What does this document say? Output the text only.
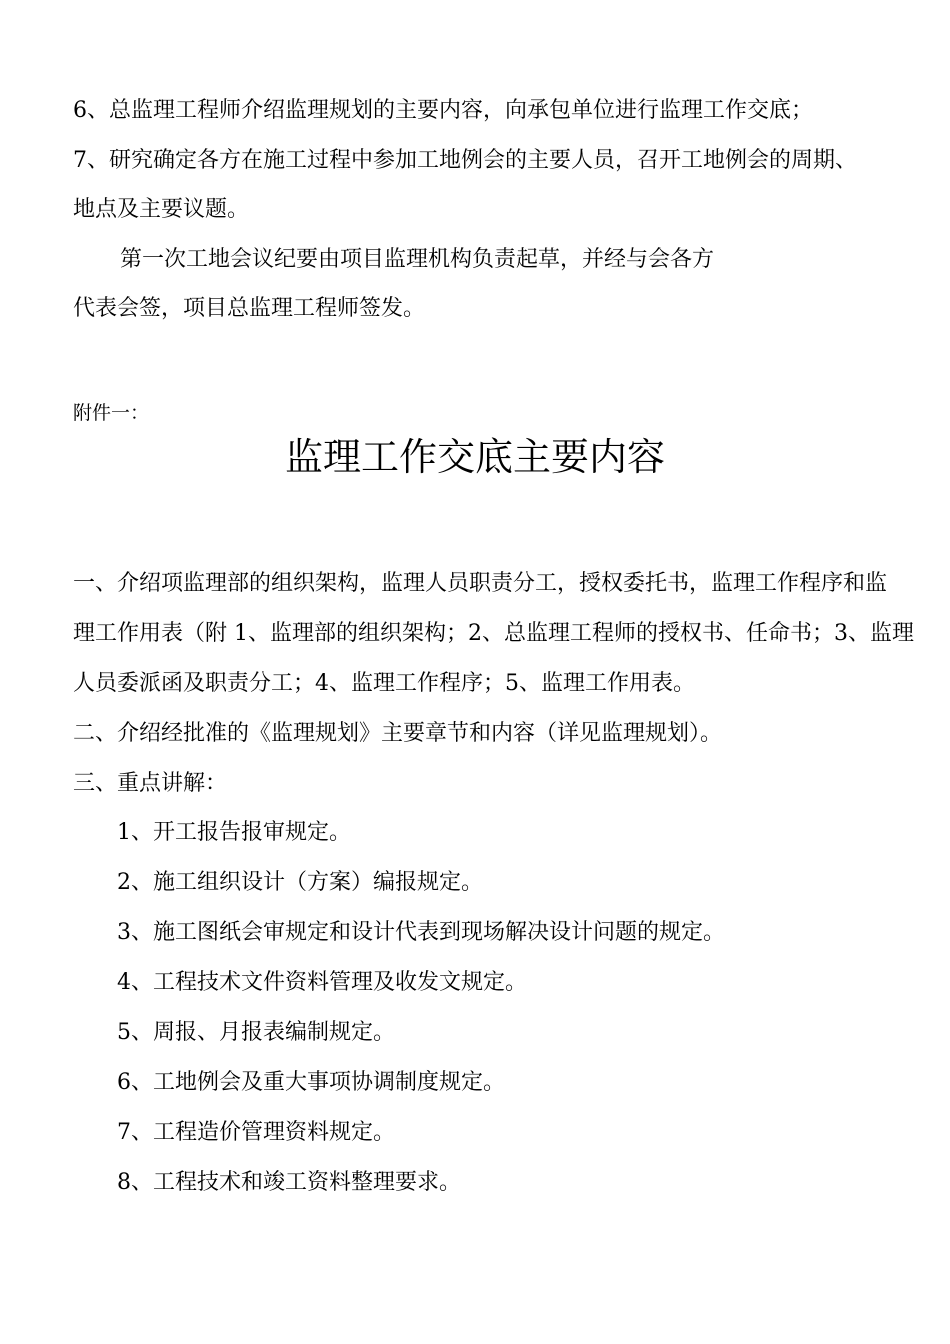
6、总监理工程师介绍监理规划的主要内容，向承包单位进行监理工作交底；

7、研究确定各方在施工过程中参加工地例会的主要人员，召开工地例会的周期、

地点及主要议题。

第一次工地会议纪要由项目监理机构负责起草，并经与会各方

代表会签，项目总监理工程师签发。

附件一：

监理工作交底主要内容

一、介绍项监理部的组织架构，监理人员职责分工，授权委托书，监理工作程序和监

理工作用表（附 1、监理部的组织架构；2、总监理工程师的授权书、任命书；3、监理

人员委派函及职责分工；4、监理工作程序；5、监理工作用表。

二、介绍经批准的《监理规划》主要章节和内容（详见监理规划）。

三、重点讲解：

1、开工报告报审规定。

2、施工组织设计（方案）编报规定。

3、施工图纸会审规定和设计代表到现场解决设计问题的规定。

4、工程技术文件资料管理及收发文规定。

5、周报、月报表编制规定。

6、工地例会及重大事项协调制度规定。

7、工程造价管理资料规定。

8、工程技术和竣工资料整理要求。
